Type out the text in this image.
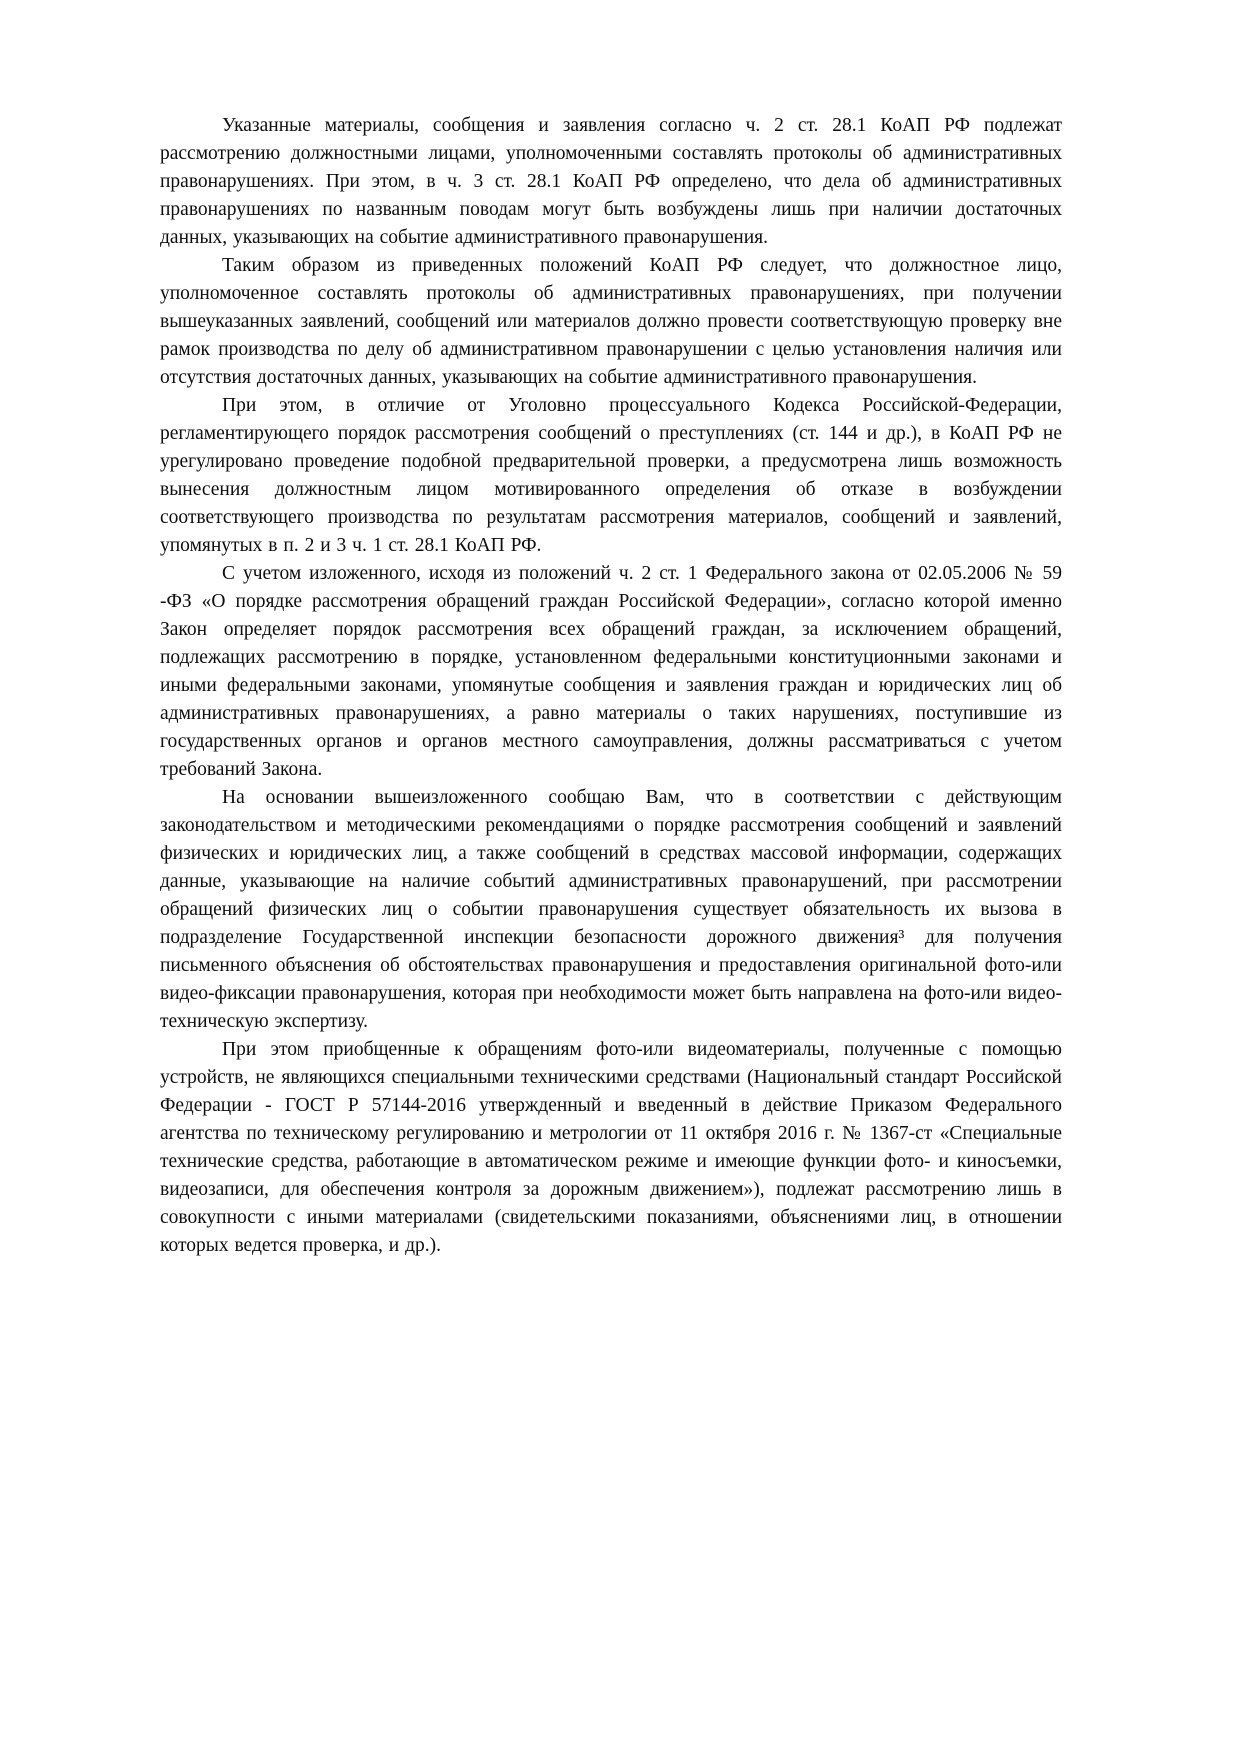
Указанные материалы, сообщения и заявления согласно ч. 2 ст. 28.1 КоАП РФ подлежат рассмотрению должностными лицами, уполномоченными составлять протоколы об административных правонарушениях. При этом, в ч. 3 ст. 28.1 КоАП РФ определено, что дела об административных правонарушениях по названным поводам могут быть возбуждены лишь при наличии достаточных данных, указывающих на событие административного правонарушения.

Таким образом из приведенных положений КоАП РФ следует, что должностное лицо, уполномоченное составлять протоколы об административных правонарушениях, при получении вышеуказанных заявлений, сообщений или материалов должно провести соответствующую проверку вне рамок производства по делу об административном правонарушении с целью установления наличия или отсутствия достаточных данных, указывающих на событие административного правонарушения.

При этом, в отличие от Уголовно процессуального Кодекса Российской-Федерации, регламентирующего порядок рассмотрения сообщений о преступлениях (ст. 144 и др.), в КоАП РФ не урегулировано проведение подобной предварительной проверки, а предусмотрена лишь возможность вынесения должностным лицом мотивированного определения об отказе в возбуждении соответствующего производства по результатам рассмотрения материалов, сообщений и заявлений, упомянутых в п. 2 и 3 ч. 1 ст. 28.1 КоАП РФ.

С учетом изложенного, исходя из положений ч. 2 ст. 1 Федерального закона от 02.05.2006 № 59 -ФЗ «О порядке рассмотрения обращений граждан Российской Федерации», согласно которой именно Закон определяет порядок рассмотрения всех обращений граждан, за исключением обращений, подлежащих рассмотрению в порядке, установленном федеральными конституционными законами и иными федеральными законами, упомянутые сообщения и заявления граждан и юридических лиц об административных правонарушениях, а равно материалы о таких нарушениях, поступившие из государственных органов и органов местного самоуправления, должны рассматриваться с учетом требований Закона.

На основании вышеизложенного сообщаю Вам, что в соответствии с действующим законодательством и методическими рекомендациями о порядке рассмотрения сообщений и заявлений физических и юридических лиц, а также сообщений в средствах массовой информации, содержащих данные, указывающие на наличие событий административных правонарушений, при рассмотрении обращений физических лиц о событии правонарушения существует обязательность их вызова в подразделение Государственной инспекции безопасности дорожного движения³ для получения письменного объяснения об обстоятельствах правонарушения и предоставления оригинальной фото-или видео-фиксации правонарушения, которая при необходимости может быть направлена на фото-или видео-техническую экспертизу.

При этом приобщенные к обращениям фото-или видеоматериалы, полученные с помощью устройств, не являющихся специальными техническими средствами (Национальный стандарт Российской Федерации - ГОСТ Р 57144-2016 утвержденный и введенный в действие Приказом Федерального агентства по техническому регулированию и метрологии от 11 октября 2016 г. № 1367-ст «Специальные технические средства, работающие в автоматическом режиме и имеющие функции фото- и киносъемки, видеозаписи, для обеспечения контроля за дорожным движением»), подлежат рассмотрению лишь в совокупности с иными материалами (свидетельскими показаниями, объяснениями лиц, в отношении которых ведется проверка, и др.).
